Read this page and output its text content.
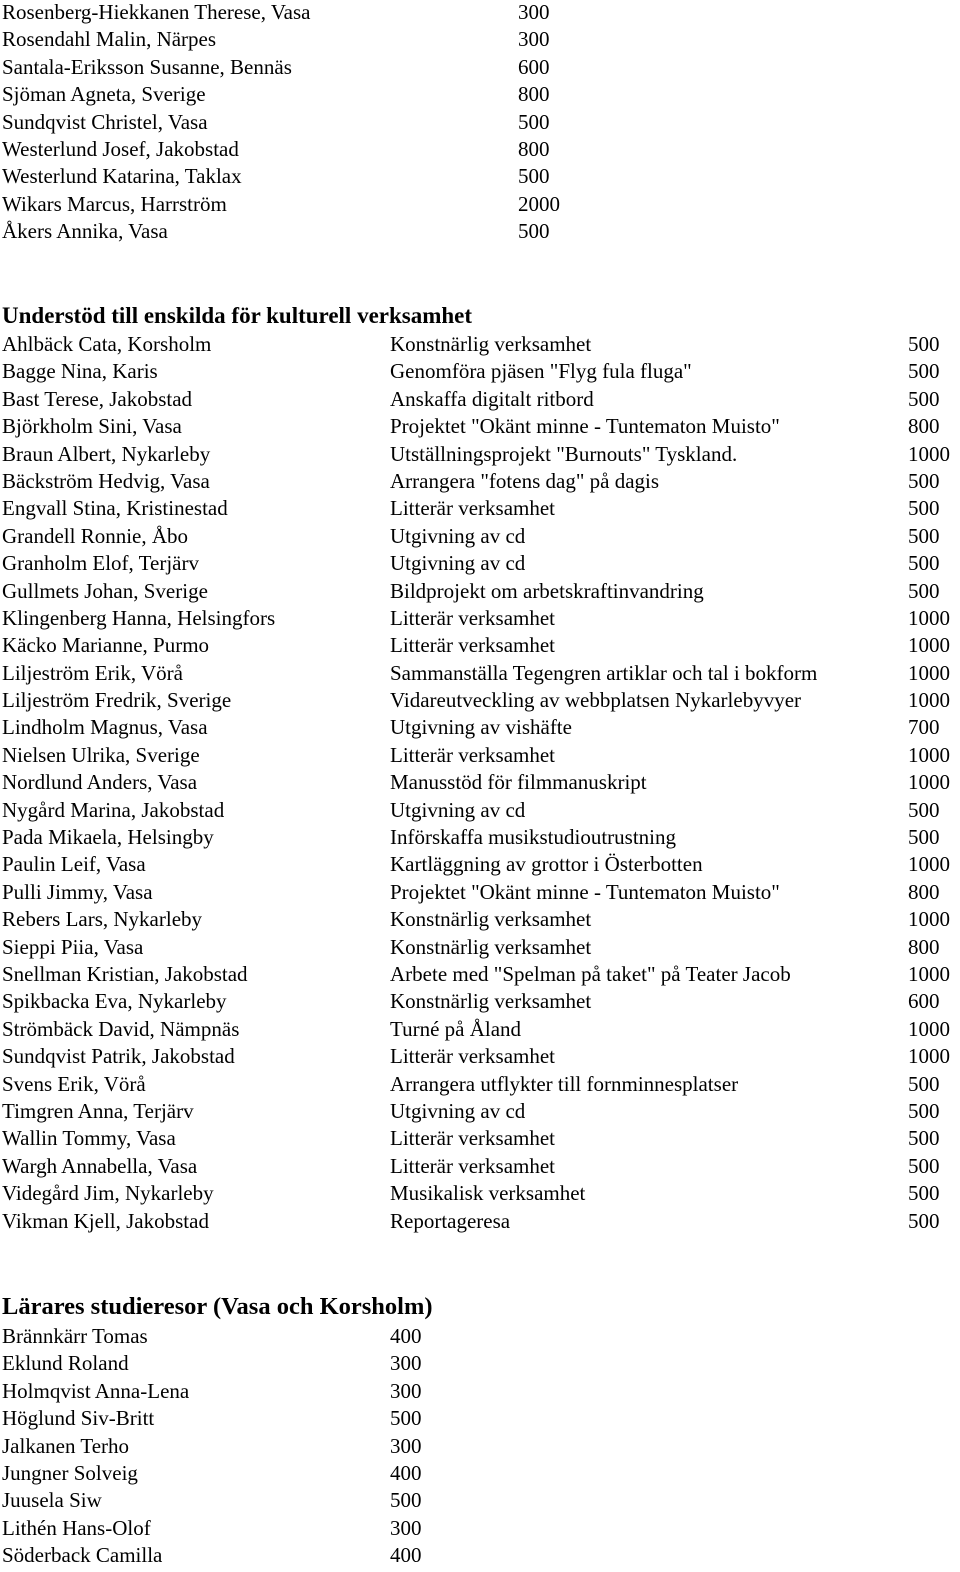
Rosenberg-Hiekkanen Therese, Vasa	300
Rosendahl Malin, Närpes	300
Santala-Eriksson Susanne, Bennäs	600
Sjöman Agneta, Sverige	800
Sundqvist Christel, Vasa	500
Westerlund Josef, Jakobstad	800
Westerlund Katarina, Taklax	500
Wikars Marcus, Harrström	2000
Åkers Annika, Vasa	500
Understöd till enskilda för kulturell verksamhet
Ahlbäck Cata, Korsholm	Konstnärlig verksamhet	500
Bagge Nina, Karis	Genomföra pjäsen "Flyg fula fluga"	500
Bast Terese, Jakobstad	Anskaffa digitalt ritbord	500
Björkholm Sini, Vasa	Projektet "Okänt minne - Tuntematon Muisto"	800
Braun Albert, Nykarleby	Utställningsprojekt "Burnouts" Tyskland.	1000
Bäckström Hedvig, Vasa	Arrangera "fotens dag" på dagis	500
Engvall Stina, Kristinestad	Litterär verksamhet	500
Grandell Ronnie, Åbo	Utgivning av cd	500
Granholm Elof, Terjärv	Utgivning av cd	500
Gullmets Johan, Sverige	Bildprojekt om arbetskraftinvandring	500
Klingenberg Hanna, Helsingfors	Litterär verksamhet	1000
Käcko Marianne, Purmo	Litterär verksamhet	1000
Liljeström Erik, Vörå	Sammanställa Tegengren artiklar och tal i bokform	1000
Liljeström Fredrik, Sverige	Vidareutveckling av webbplatsen Nykarlebyvyer	1000
Lindholm Magnus, Vasa	Utgivning av vishäfte	700
Nielsen Ulrika, Sverige	Litterär verksamhet	1000
Nordlund Anders, Vasa	Manusstöd för filmmanuskript	1000
Nygård Marina, Jakobstad	Utgivning av cd	500
Pada Mikaela, Helsingby	Införskaffa musikstudioutrustning	500
Paulin Leif, Vasa	Kartläggning av grottor i Österbotten	1000
Pulli Jimmy, Vasa	Projektet "Okänt minne - Tuntematon Muisto"	800
Rebers Lars, Nykarleby	Konstnärlig verksamhet	1000
Sieppi Piia, Vasa	Konstnärlig verksamhet	800
Snellman Kristian, Jakobstad	Arbete med "Spelman på taket" på Teater Jacob	1000
Spikbacka Eva, Nykarleby	Konstnärlig verksamhet	600
Strömbäck David, Nämpnäs	Turné på Åland	1000
Sundqvist Patrik, Jakobstad	Litterär verksamhet	1000
Svens Erik, Vörå	Arrangera utflykter till fornminnesplatser	500
Timgren Anna, Terjärv	Utgivning av cd	500
Wallin Tommy, Vasa	Litterär verksamhet	500
Wargh Annabella, Vasa	Litterär verksamhet	500
Videgård Jim, Nykarleby	Musikalisk verksamhet	500
Vikman Kjell, Jakobstad	Reportageresa	500
Lärares studieresor (Vasa och Korsholm)
Brännkärr Tomas	400
Eklund Roland	300
Holmqvist Anna-Lena	300
Höglund Siv-Britt	500
Jalkanen Terho	300
Jungner Solveig	400
Juusela Siw	500
Lithén Hans-Olof	300
Söderback Camilla	400
